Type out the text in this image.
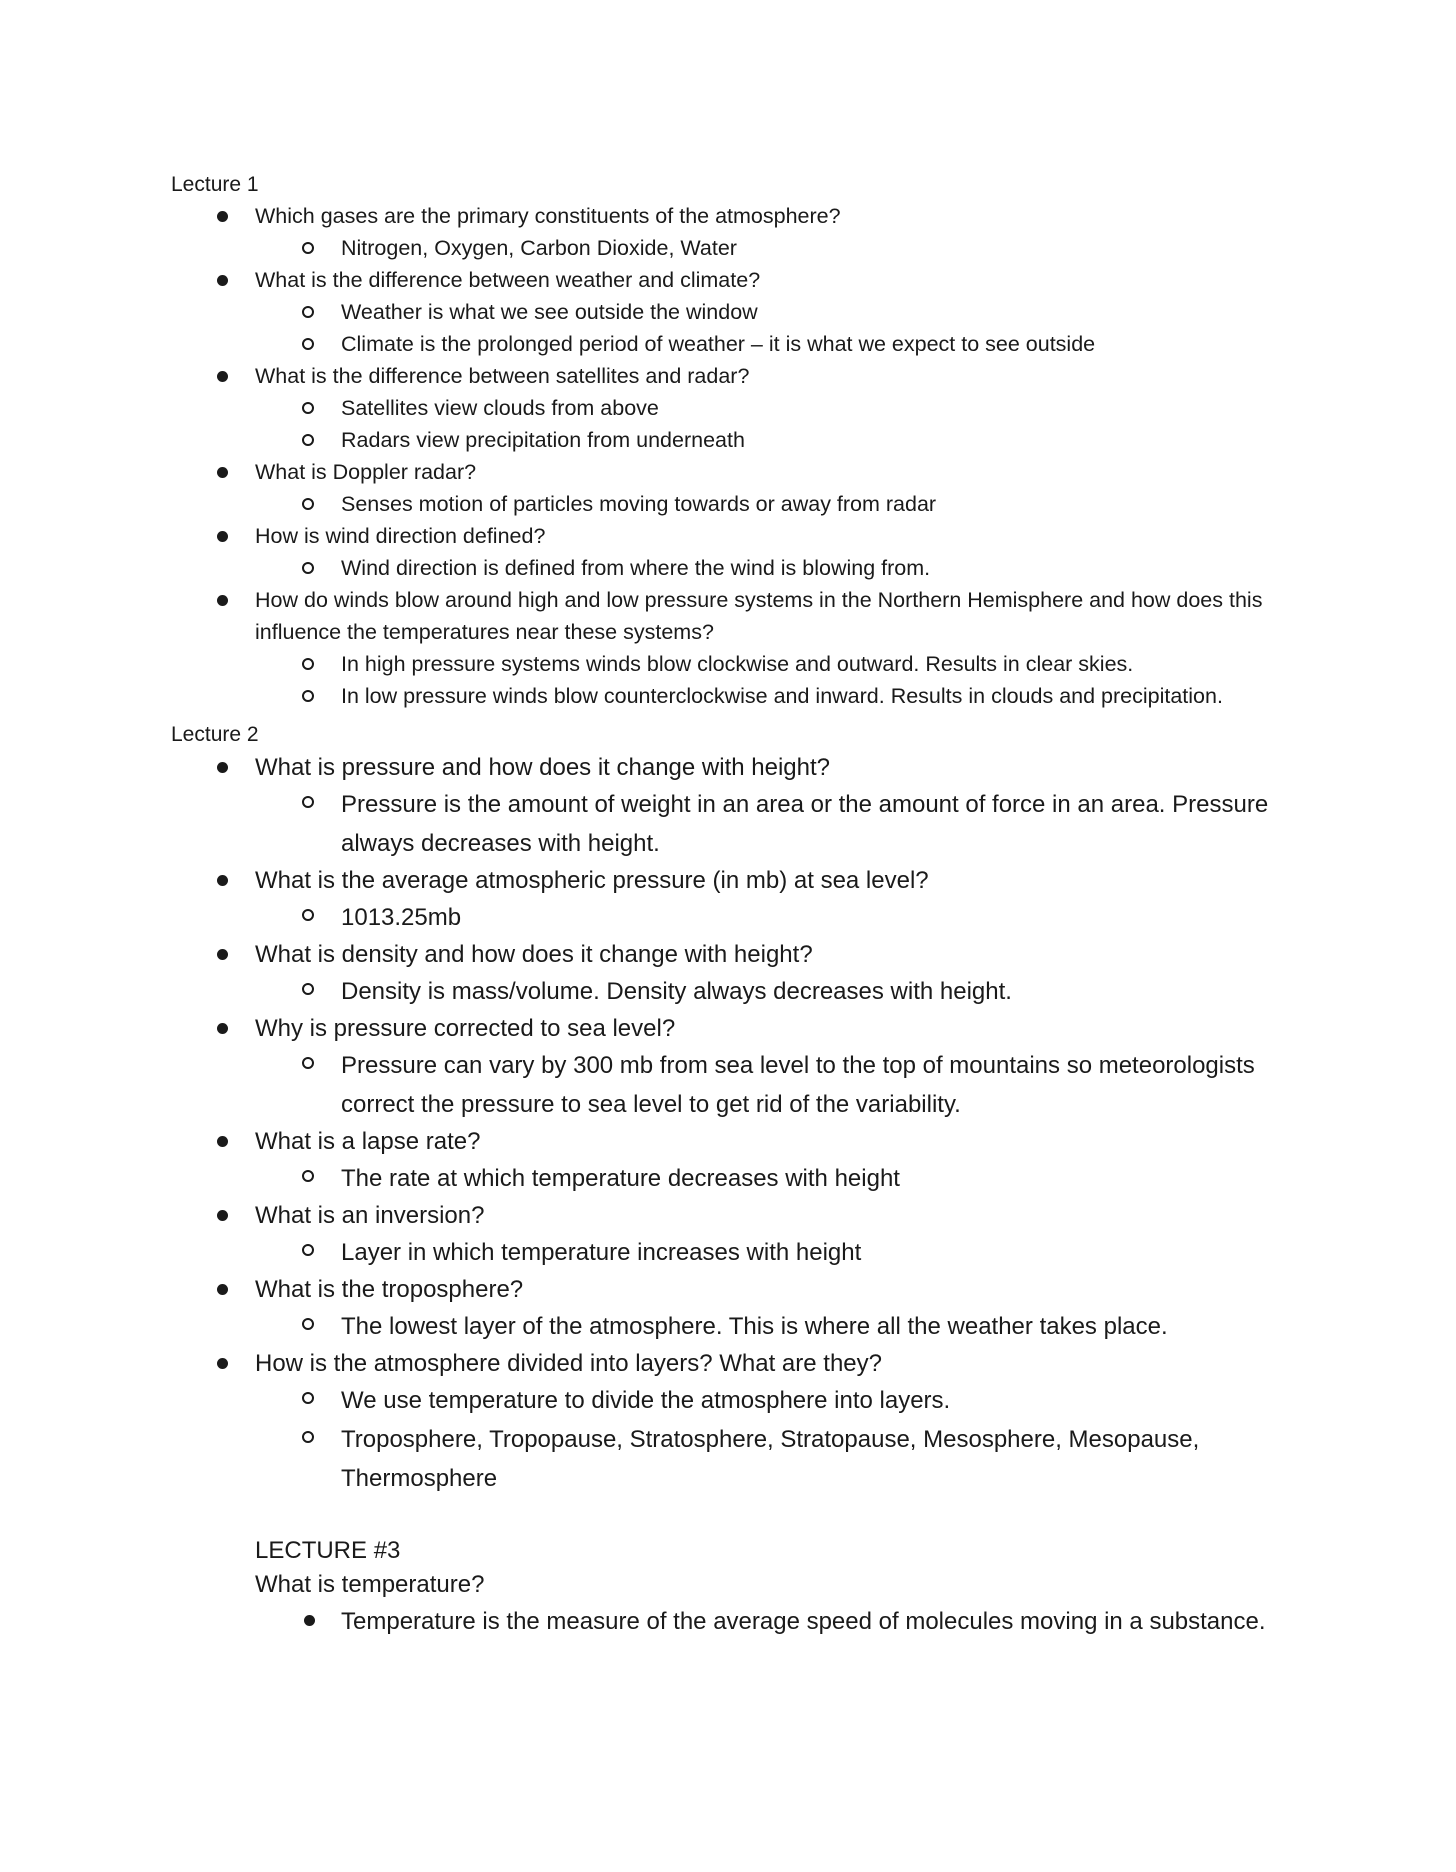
Lecture 1

Which gases are the primary constituents of the atmosphere?
Nitrogen, Oxygen, Carbon Dioxide, Water
What is the difference between weather and climate?
Weather is what we see outside the window
Climate is the prolonged period of weather – it is what we expect to see outside
What is the difference between satellites and radar?
Satellites view clouds from above
Radars view precipitation from underneath
What is Doppler radar?
Senses motion of particles moving towards or away from radar
How is wind direction defined?
Wind direction is defined from where the wind is blowing from.
How do winds blow around high and low pressure systems in the Northern Hemisphere and how does this influence the temperatures near these systems?
In high pressure systems winds blow clockwise and outward. Results in clear skies.
In low pressure winds blow counterclockwise and inward. Results in clouds and precipitation.

Lecture 2

What is pressure and how does it change with height?
Pressure is the amount of weight in an area or the amount of force in an area. Pressure always decreases with height.
What is the average atmospheric pressure (in mb) at sea level?
1013.25mb
What is density and how does it change with height?
Density is mass/volume. Density always decreases with height.
Why is pressure corrected to sea level?
Pressure can vary by 300 mb from sea level to the top of mountains so meteorologists correct the pressure to sea level to get rid of the variability.
What is a lapse rate?
The rate at which temperature decreases with height
What is an inversion?
Layer in which temperature increases with height
What is the troposphere?
The lowest layer of the atmosphere. This is where all the weather takes place.
How is the atmosphere divided into layers? What are they?
We use temperature to divide the atmosphere into layers.
Troposphere, Tropopause, Stratosphere, Stratopause, Mesosphere, Mesopause, Thermosphere
LECTURE #3
What is temperature?
Temperature is the measure of the average speed of molecules moving in a substance.
